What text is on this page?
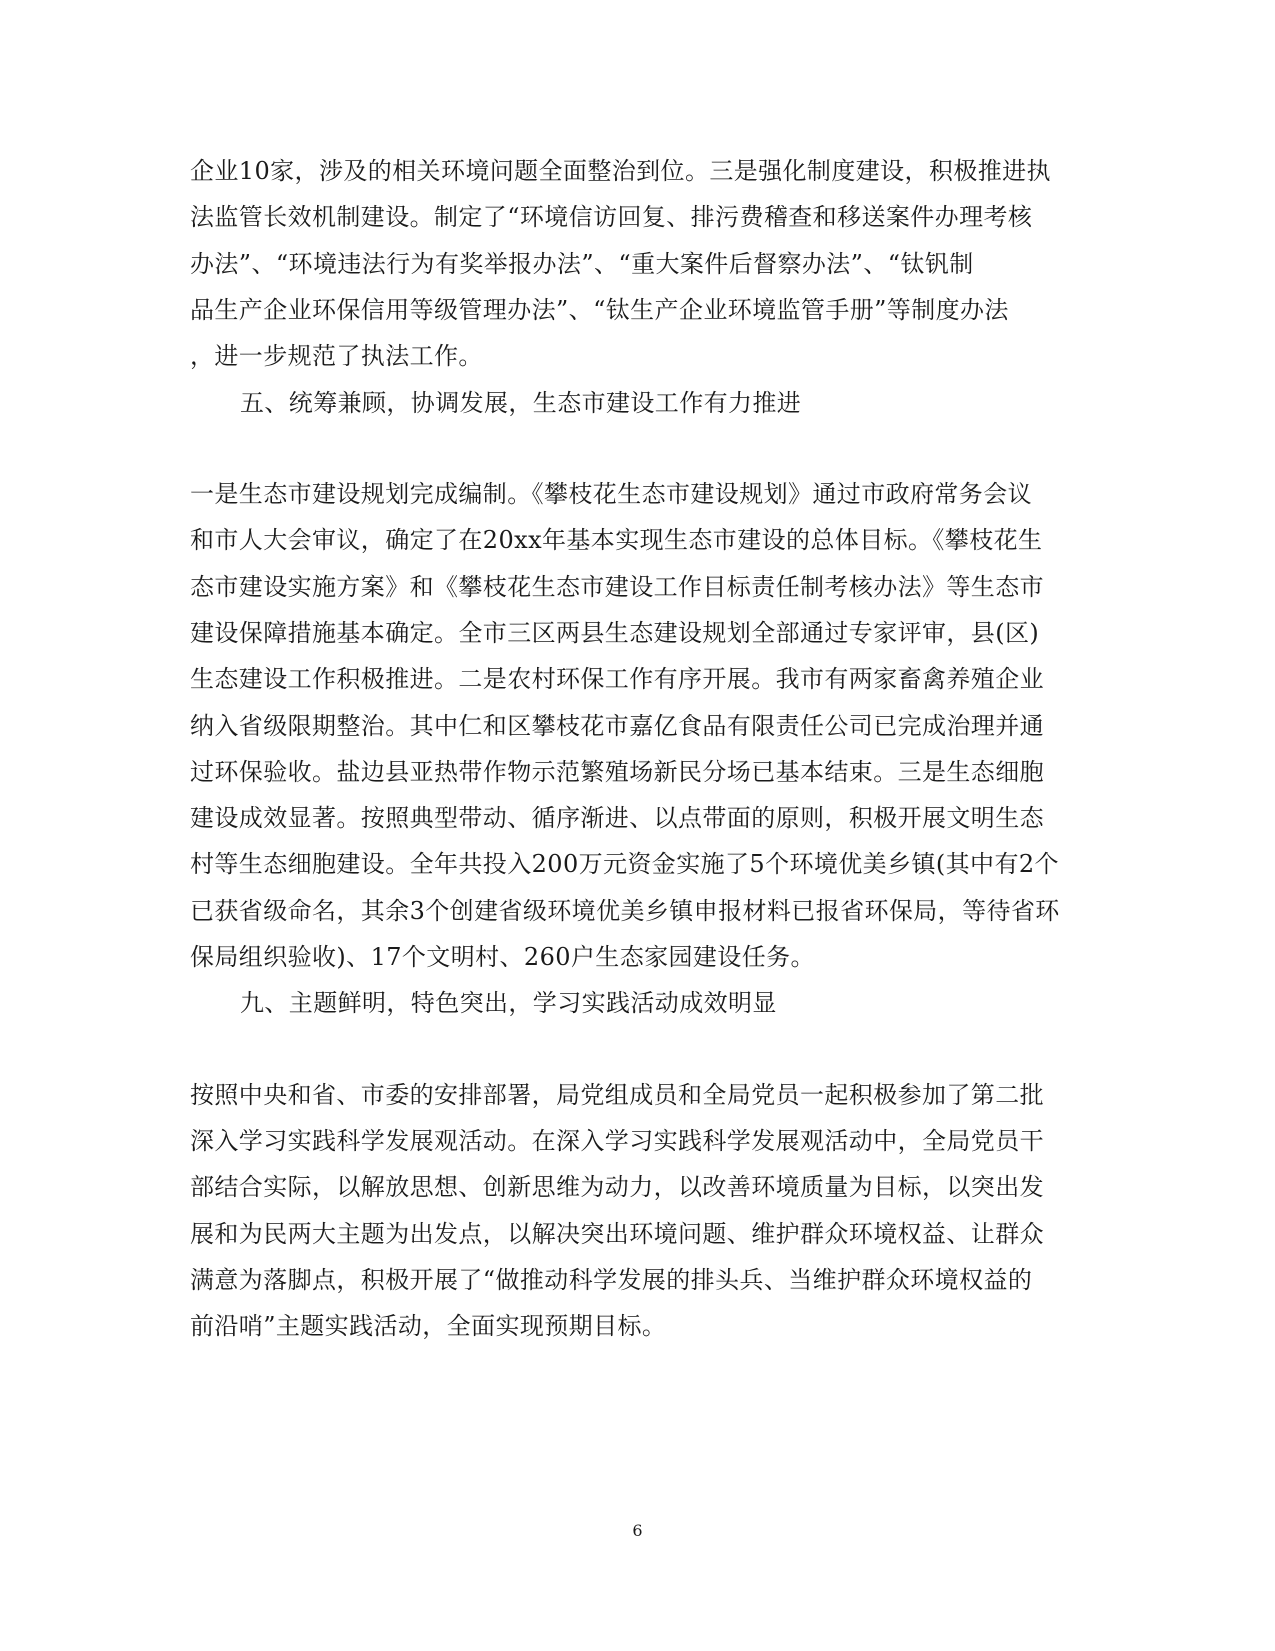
企业10家，涉及的相关环境问题全面整治到位。三是强化制度建设，积极推进执
法监管长效机制建设。制定了“环境信访回复、排污费稽查和移送案件办理考核
办法”、“环境违法行为有奖举报办法”、“重大案件后督察办法”、“钛钒制
品生产企业环保信用等级管理办法”、“钛生产企业环境监管手册”等制度办法
，进一步规范了执法工作。
五、统筹兼顾，协调发展，生态市建设工作有力推进
一是生态市建设规划完成编制。《攀枝花生态市建设规划》通过市政府常务会议
和市人大会审议，确定了在20xx年基本实现生态市建设的总体目标。《攀枝花生
态市建设实施方案》和《攀枝花生态市建设工作目标责任制考核办法》等生态市
建设保障措施基本确定。全市三区两县生态建设规划全部通过专家评审，县(区)
生态建设工作积极推进。二是农村环保工作有序开展。我市有两家畜禽养殖企业
纳入省级限期整治。其中仁和区攀枝花市嘉亿食品有限责任公司已完成治理并通
过环保验收。盐边县亚热带作物示范繁殖场新民分场已基本结束。三是生态细胞
建设成效显著。按照典型带动、循序渐进、以点带面的原则，积极开展文明生态
村等生态细胞建设。全年共投入200万元资金实施了5个环境优美乡镇(其中有2个
已获省级命名，其余3个创建省级环境优美乡镇申报材料已报省环保局，等待省环
保局组织验收)、17个文明村、260户生态家园建设任务。
九、主题鲜明，特色突出，学习实践活动成效明显
按照中央和省、市委的安排部署，局党组成员和全局党员一起积极参加了第二批
深入学习实践科学发展观活动。在深入学习实践科学发展观活动中，全局党员干
部结合实际，以解放思想、创新思维为动力，以改善环境质量为目标，以突出发
展和为民两大主题为出发点，以解决突出环境问题、维护群众环境权益、让群众
满意为落脚点，积极开展了“做推动科学发展的排头兵、当维护群众环境权益的
前沿哨”主题实践活动，全面实现预期目标。
6
